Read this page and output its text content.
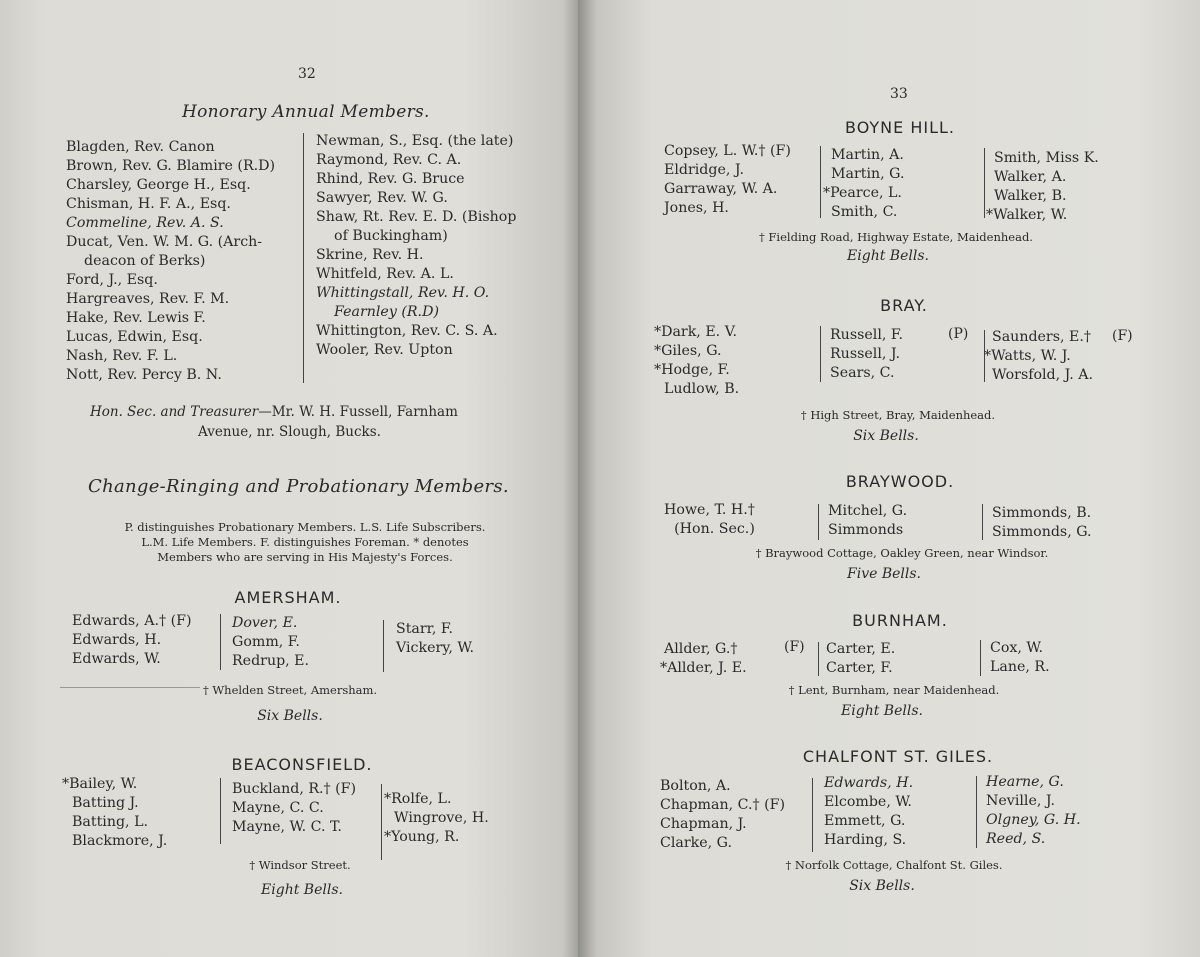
32
Honorary Annual Members.
Blagden, Rev. Canon
Brown, Rev. G. Blamire (R.D)
Charsley, George H., Esq.
Chisman, H. F. A., Esq.
Commeline, Rev. A. S.
Ducat, Ven. W. M. G. (Arch-
deacon of Berks)
Ford, J., Esq.
Hargreaves, Rev. F. M.
Hake, Rev. Lewis F.
Lucas, Edwin, Esq.
Nash, Rev. F. L.
Nott, Rev. Percy B. N.
Newman, S., Esq. (the late)
Raymond, Rev. C. A.
Rhind, Rev. G. Bruce
Sawyer, Rev. W. G.
Shaw, Rt. Rev. E. D. (Bishop
of Buckingham)
Skrine, Rev. H.
Whitfeld, Rev. A. L.
Whittingstall, Rev. H. O.
Fearnley (R.D)
Whittington, Rev. C. S. A.
Wooler, Rev. Upton
Hon. Sec. and Treasurer—Mr. W. H. Fussell, Farnham
Avenue, nr. Slough, Bucks.
Change-Ringing and Probationary Members.
P. distinguishes Probationary Members. L.S. Life Subscribers.
L.M. Life Members. F. distinguishes Foreman. * denotes
Members who are serving in His Majesty's Forces.
AMERSHAM.
Edwards, A.† (F)
Edwards, H.
Edwards, W.
Dover, E.
Gomm, F.
Redrup, E.
Starr, F.
Vickery, W.
† Whelden Street, Amersham.
Six Bells.
BEACONSFIELD.
*Bailey, W.
Batting J.
Batting, L.
Blackmore, J.
Buckland, R.† (F)
Mayne, C. C.
Mayne, W. C. T.
*Rolfe, L.
Wingrove, H.
*Young, R.
† Windsor Street.
Eight Bells.
33
BOYNE HILL.
Copsey, L. W.† (F)
Eldridge, J.
Garraway, W. A.
Jones, H.
Martin, A.
Martin, G.
*Pearce, L.
Smith, C.
Smith, Miss K.
Walker, A.
Walker, B.
*Walker, W.
† Fielding Road, Highway Estate, Maidenhead.
Eight Bells.
BRAY.
*Dark, E. V.
*Giles, G.
*Hodge, F.
Ludlow, B.
Russell, F.
Russell, J.
Sears, C.
(P)	Saunders, E.†
*Watts, W. J.
Worsfold, J. A.
(F)
† High Street, Bray, Maidenhead.
Six Bells.
BRAYWOOD.
Howe, T. H.†
(Hon. Sec.)
Mitchel, G.
Simmonds
Simmonds, B.
Simmonds, G.
† Braywood Cottage, Oakley Green, near Windsor.
Five Bells.
BURNHAM.
Allder, G.†
*Allder, J. E.
(F) Carter, E.
Carter, F.
Cox, W.
Lane, R.
† Lent, Burnham, near Maidenhead.
Eight Bells.
CHALFONT ST. GILES.
Bolton, A.
Chapman, C.† (F)
Chapman, J.
Clarke, G.
Edwards, H.
Elcombe, W.
Emmett, G.
Harding, S.
Hearne, G.
Neville, J.
Olgney, G. H.
Reed, S.
† Norfolk Cottage, Chalfont St. Giles.
Six Bells.
